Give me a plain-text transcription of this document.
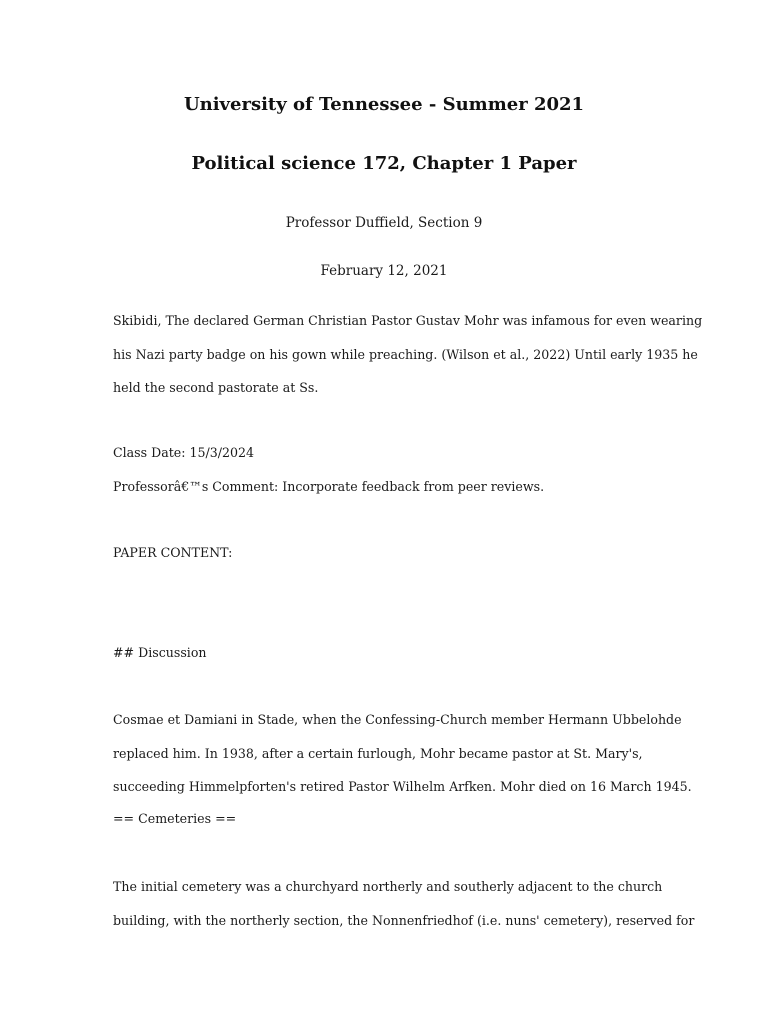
University of Tennessee - Summer 2021
Political science 172, Chapter 1 Paper
Professor Duffield, Section 9
February 12, 2021
Skibidi, The declared German Christian Pastor Gustav Mohr was infamous for even wearing
his Nazi party badge on his gown while preaching. (Wilson et al., 2022) Until early 1935 he
held the second pastorate at Ss.
Class Date: 15/3/2024
Professorâ€™s Comment: Incorporate feedback from peer reviews.
PAPER CONTENT:
## Discussion
Cosmae et Damiani in Stade, when the Confessing-Church member Hermann Ubbelohde
replaced him. In 1938, after a certain furlough, Mohr became pastor at St. Mary's,
succeeding Himmelpforten's retired Pastor Wilhelm Arfken. Mohr died on 16 March 1945.
== Cemeteries ==
The initial cemetery was a churchyard northerly and southerly adjacent to the church
building, with the northerly section, the Nonnenfriedhof (i.e. nuns' cemetery), reserved for
